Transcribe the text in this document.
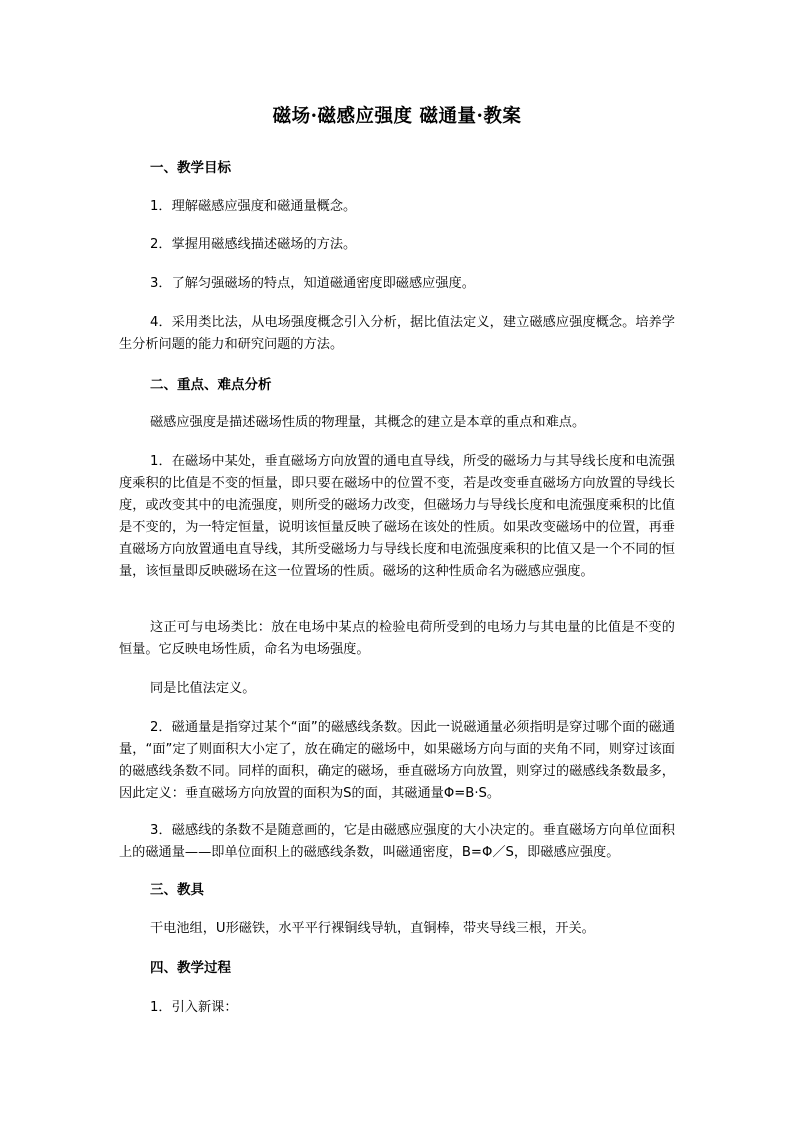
磁场·磁感应强度 磁通量·教案
一、教学目标

1．理解磁感应强度和磁通量概念。

2．掌握用磁感线描述磁场的方法。

3．了解匀强磁场的特点，知道磁通密度即磁感应强度。

4．采用类比法，从电场强度概念引入分析，据比值法定义，建立磁感应强度概念。培养学生分析问题的能力和研究问题的方法。

二、重点、难点分析

磁感应强度是描述磁场性质的物理量，其概念的建立是本章的重点和难点。

1．在磁场中某处，垂直磁场方向放置的通电直导线，所受的磁场力与其导线长度和电流强度乘积的比值是不变的恒量，即只要在磁场中的位置不变，若是改变垂直磁场方向放置的导线长度，或改变其中的电流强度，则所受的磁场力改变，但磁场力与导线长度和电流强度乘积的比值是不变的，为一特定恒量，说明该恒量反映了磁场在该处的性质。如果改变磁场中的位置，再垂直磁场方向放置通电直导线，其所受磁场力与导线长度和电流强度乘积的比值又是一个不同的恒量，该恒量即反映磁场在这一位置场的性质。磁场的这种性质命名为磁感应强度。

这正可与电场类比：放在电场中某点的检验电荷所受到的电场力与其电量的比值是不变的恒量。它反映电场性质，命名为电场强度。

同是比值法定义。

2．磁通量是指穿过某个“面”的磁感线条数。因此一说磁通量必须指明是穿过哪个面的磁通量，“面”定了则面积大小定了，放在确定的磁场中，如果磁场方向与面的夹角不同，则穿过该面的磁感线条数不同。同样的面积，确定的磁场，垂直磁场方向放置，则穿过的磁感线条数最多，因此定义：垂直磁场方向放置的面积为S的面，其磁通量Φ=B·S。

3．磁感线的条数不是随意画的，它是由磁感应强度的大小决定的。垂直磁场方向单位面积上的磁通量——即单位面积上的磁感线条数，叫磁通密度，B=Φ／S，即磁感应强度。

三、教具

干电池组，U形磁铁，水平平行裸铜线导轨，直铜棒，带夹导线三根，开关。

四、教学过程

1．引入新课：
